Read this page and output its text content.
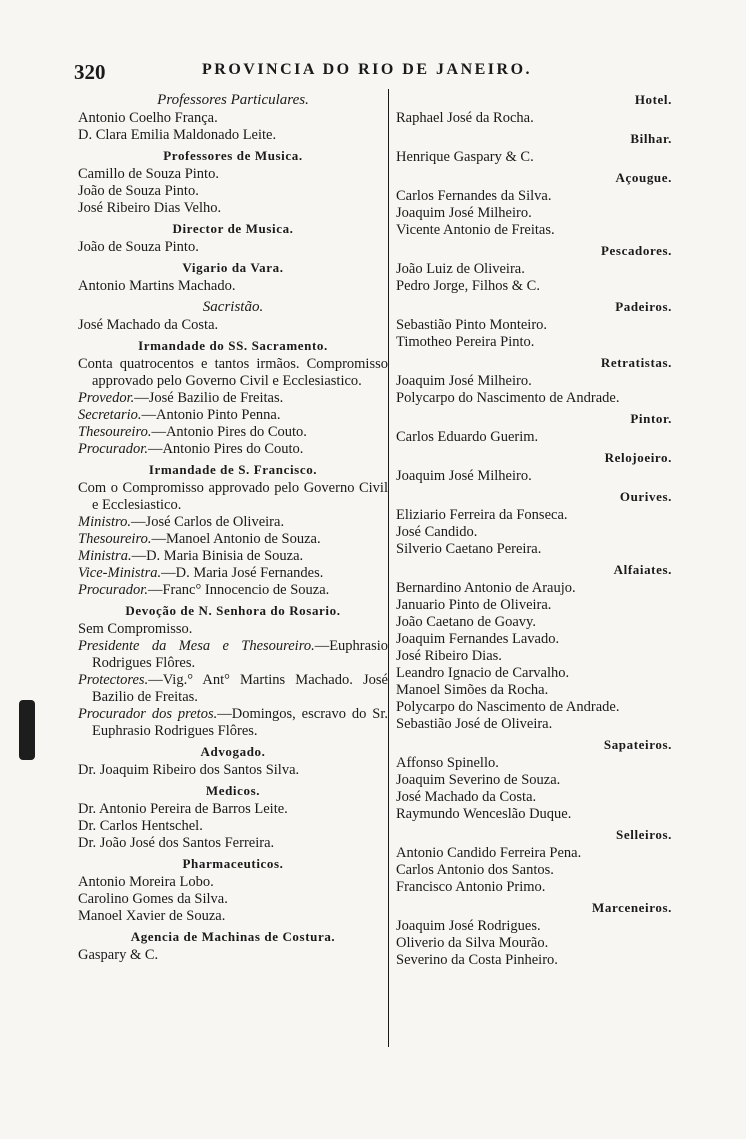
320	PROVINCIA DO RIO DE JANEIRO.
Professores Particulares.
Antonio Coelho França.
D. Clara Emilia Maldonado Leite.
Professores de Musica.
Camillo de Souza Pinto.
João de Souza Pinto.
José Ribeiro Dias Velho.
Director de Musica.
João de Souza Pinto.
Vigario da Vara.
Antonio Martins Machado.
Sacristão.
José Machado da Costa.
Irmandade do SS. Sacramento.
Conta quatrocentos e tantos irmãos. Compromisso approvado pelo Governo Civil e Ecclesiastico.
Provedor.—José Bazilio de Freitas.
Secretario.—Antonio Pinto Penna.
Thesoureiro.—Antonio Pires do Couto.
Procurador.—Antonio Pires do Couto.
Irmandade de S. Francisco.
Com o Compromisso approvado pelo Governo Civil e Ecclesiastico.
Ministro.—José Carlos de Oliveira.
Thesoureiro.—Manoel Antonio de Souza.
Ministra.—D. Maria Binisia de Souza.
Vice-Ministra.—D. Maria José Fernandes.
Procurador.—Franc° Innocencio de Souza.
Devoção de N. Senhora do Rosario.
Sem Compromisso.
Presidente da Mesa e Thesoureiro.—Euphrasio Rodrigues Flôres.
Protectores.—Vig.° Ant° Martins Machado. José Bazilio de Freitas.
Procurador dos pretos.—Domingos, escravo do Sr. Euphrasio Rodrigues Flôres.
Advogado.
Dr. Joaquim Ribeiro dos Santos Silva.
Medicos.
Dr. Antonio Pereira de Barros Leite.
Dr. Carlos Hentschel.
Dr. João José dos Santos Ferreira.
Pharmaceuticos.
Antonio Moreira Lobo.
Carolino Gomes da Silva.
Manoel Xavier de Souza.
Agencia de Machinas de Costura.
Gaspary & C.
Hotel.
Raphael José da Rocha.
Bilhar.
Henrique Gaspary & C.
Açougue.
Carlos Fernandes da Silva.
Joaquim José Milheiro.
Vicente Antonio de Freitas.
Pescadores.
João Luiz de Oliveira.
Pedro Jorge, Filhos & C.
Padeiros.
Sebastião Pinto Monteiro.
Timotheo Pereira Pinto.
Retratistas.
Joaquim José Milheiro.
Polycarpo do Nascimento de Andrade.
Pintor.
Carlos Eduardo Guerim.
Relojoeiro.
Joaquim José Milheiro.
Ourives.
Eliziario Ferreira da Fonseca.
José Candido.
Silverio Caetano Pereira.
Alfaiates.
Bernardino Antonio de Araujo.
Januario Pinto de Oliveira.
João Caetano de Goavy.
Joaquim Fernandes Lavado.
José Ribeiro Dias.
Leandro Ignacio de Carvalho.
Manoel Simões da Rocha.
Polycarpo do Nascimento de Andrade.
Sebastião José de Oliveira.
Sapateiros.
Affonso Spinello.
Joaquim Severino de Souza.
José Machado da Costa.
Raymundo Wenceslão Duque.
Selleiros.
Antonio Candido Ferreira Pena.
Carlos Antonio dos Santos.
Francisco Antonio Primo.
Marceneiros.
Joaquim José Rodrigues.
Oliverio da Silva Mourão.
Severino da Costa Pinheiro.
